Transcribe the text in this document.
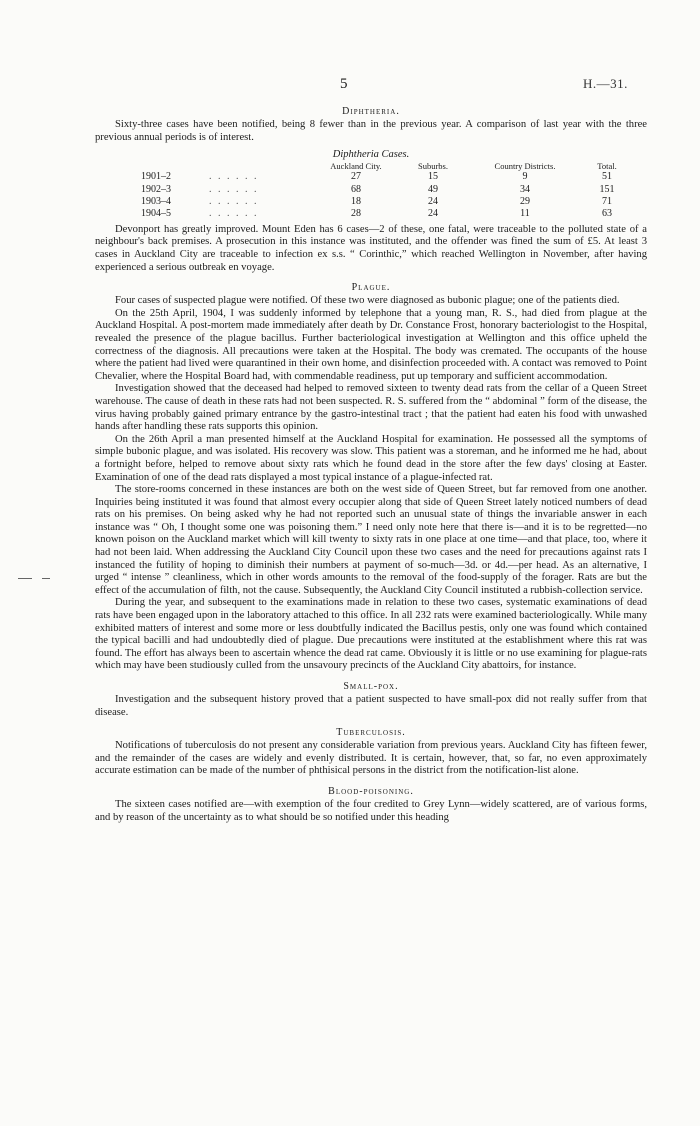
5	H.—31.
Diphtheria.

Sixty-three cases have been notified, being 8 fewer than in the previous year. A comparison of last year with the three previous annual periods is of interest.

Diphtheria Cases.
		Auckland City.	Suburbs.	Country Districts.	Total.
1901–2	. . . . . .	27	15	9	51
1902–3	. . . . . .	68	49	34	151
1903–4	. . . . . .	18	24	29	71
1904–5	. . . . . .	28	24	11	63

Devonport has greatly improved. Mount Eden has 6 cases—2 of these, one fatal, were traceable to the polluted state of a neighbour's back premises. A prosecution in this instance was instituted, and the offender was fined the sum of £5. At least 3 cases in Auckland City are traceable to infection ex s.s. “ Corinthic,” which reached Wellington in November, after having experienced a serious outbreak en voyage.

Plague.

Four cases of suspected plague were notified. Of these two were diagnosed as bubonic plague; one of the patients died.

On the 25th April, 1904, I was suddenly informed by telephone that a young man, R. S., had died from plague at the Auckland Hospital. A post-mortem made immediately after death by Dr. Constance Frost, honorary bacteriologist to the Hospital, revealed the presence of the plague bacillus. Further bacteriological investigation at Wellington and this office upheld the correctness of the diagnosis. All precautions were taken at the Hospital. The body was cremated. The occupants of the house where the patient had lived were quarantined in their own home, and disinfection proceeded with. A contact was removed to Point Chevalier, where the Hospital Board had, with commendable readiness, put up temporary and sufficient accommodation.

Investigation showed that the deceased had helped to removed sixteen to twenty dead rats from the cellar of a Queen Street warehouse. The cause of death in these rats had not been suspected. R. S. suffered from the “ abdominal ” form of the disease, the virus having probably gained primary entrance by the gastro-intestinal tract ; that the patient had eaten his food with unwashed hands after handling these rats supports this opinion.

On the 26th April a man presented himself at the Auckland Hospital for examination. He possessed all the symptoms of simple bubonic plague, and was isolated. His recovery was slow. This patient was a storeman, and he informed me he had, about a fortnight before, helped to remove about sixty rats which he found dead in the store after the few days' closing at Easter. Examination of one of the dead rats displayed a most typical instance of a plague-infected rat.

The store-rooms concerned in these instances are both on the west side of Queen Street, but far removed from one another. Inquiries being instituted it was found that almost every occupier along that side of Queen Street lately noticed numbers of dead rats on his premises. On being asked why he had not reported such an unusual state of things the invariable answer in each instance was “ Oh, I thought some one was poisoning them.” I need only note here that there is—and it is to be regretted—no known poison on the Auckland market which will kill twenty to sixty rats in one place at one time—and that place, too, where it had not been laid. When addressing the Auckland City Council upon these two cases and the need for precautions against rats I instanced the futility of hoping to diminish their numbers at payment of so-much—3d. or 4d.—per head. As an alternative, I urged “ intense ” cleanliness, which in other words amounts to the removal of the food-supply of the forager. Rats are but the effect of the accumulation of filth, not the cause. Subsequently, the Auckland City Council instituted a rubbish-collection service.

During the year, and subsequent to the examinations made in relation to these two cases, systematic examinations of dead rats have been engaged upon in the laboratory attached to this office. In all 232 rats were examined bacteriologically. While many exhibited matters of interest and some more or less doubtfully indicated the Bacillus pestis, only one was found which contained the typical bacilli and had undoubtedly died of plague. Due precautions were instituted at the establishment where this rat was found. The effort has always been to ascertain whence the dead rat came. Obviously it is little or no use examining for plague-rats which may have been studiously culled from the unsavoury precincts of the Auckland City abattoirs, for instance.

Small-pox.

Investigation and the subsequent history proved that a patient suspected to have small-pox did not really suffer from that disease.

Tuberculosis.

Notifications of tuberculosis do not present any considerable variation from previous years. Auckland City has fifteen fewer, and the remainder of the cases are widely and evenly distributed. It is certain, however, that, so far, no even approximately accurate estimation can be made of the number of phthisical persons in the district from the notification-list alone.

Blood-poisoning.

The sixteen cases notified are—with exemption of the four credited to Grey Lynn—widely scattered, are of various forms, and by reason of the uncertainty as to what should be so notified under this heading
